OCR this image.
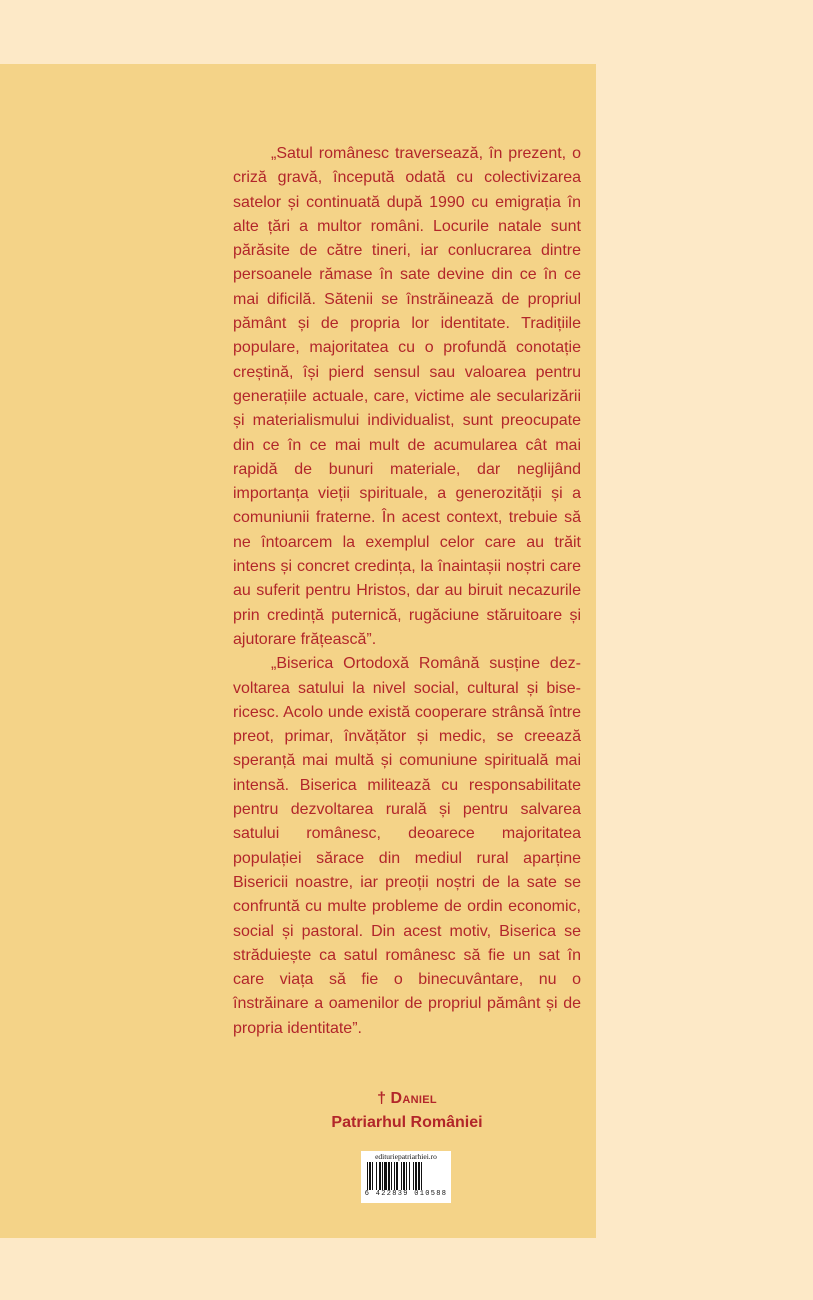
„Satul românesc traversează, în prezent, o criză gravă, începută odată cu colectivizarea satelor și continuată după 1990 cu emigrația în alte țări a multor români. Locurile natale sunt părăsite de către tineri, iar conlucrarea dintre persoanele rămase în sate devine din ce în ce mai dificilă. Sătenii se înstrăinează de propriul pământ și de propria lor identitate. Tradițiile populare, majoritatea cu o profundă conotație creștină, își pierd sensul sau valoarea pentru generațiile actuale, care, victime ale secularizării și materialismului individualist, sunt preocupate din ce în ce mai mult de acumularea cât mai rapidă de bunuri materiale, dar neglijând importanța vieții spirituale, a generozității și a comuniunii fraterne. În acest context, trebuie să ne întoarcem la exemplul celor care au trăit intens și concret credința, la înaintașii noștri care au suferit pentru Hristos, dar au biruit necazurile prin credință puternică, rugăciune stăruitoare și ajutorare frățească”.

„Biserica Ortodoxă Română susține dezvoltarea satului la nivel social, cultural și bisericesc. Acolo unde există cooperare strânsă între preot, primar, învățător și medic, se creează speranță mai multă și comuniune spirituală mai intensă. Biserica militează cu responsabilitate pentru dezvoltarea rurală și pentru salvarea satului românesc, deoarece majoritatea populației sărace din mediul rural aparține Bisericii noastre, iar preoții noștri de la sate se confruntă cu multe probleme de ordin economic, social și pastoral. Din acest motiv, Biserica se străduiește ca satul românesc să fie un sat în care viața să fie o binecuvântare, nu o înstrăinare a oamenilor de propriul pământ și de propria identitate”.

† Daniel
Patriarhul României
edituriepatriarhiei.ro
6 422839 010588
